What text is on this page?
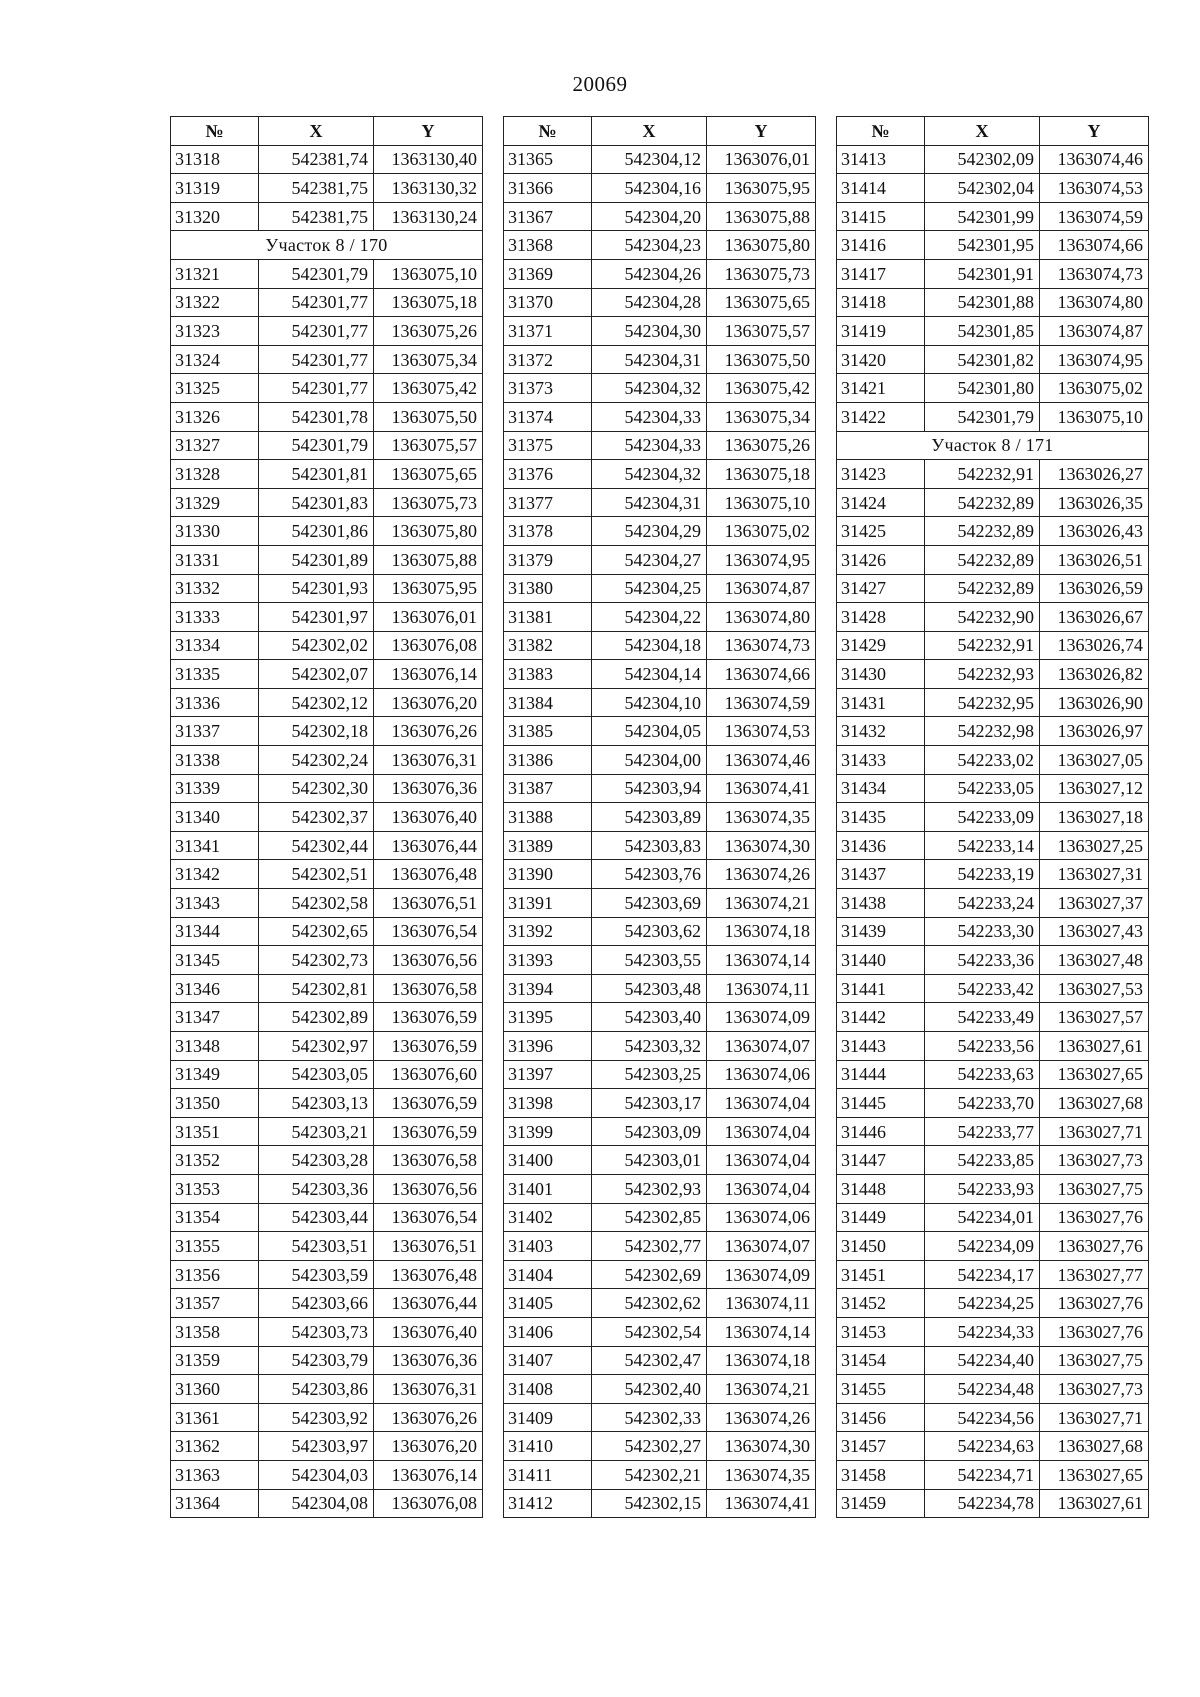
20069
№	X	Y
31318	542381,74	1363130,40
31319	542381,75	1363130,32
31320	542381,75	1363130,24
Участок 8 / 170		
31321	542301,79	1363075,10
31322	542301,77	1363075,18
31323	542301,77	1363075,26
31324	542301,77	1363075,34
31325	542301,77	1363075,42
31326	542301,78	1363075,50
31327	542301,79	1363075,57
31328	542301,81	1363075,65
31329	542301,83	1363075,73
31330	542301,86	1363075,80
31331	542301,89	1363075,88
31332	542301,93	1363075,95
31333	542301,97	1363076,01
31334	542302,02	1363076,08
31335	542302,07	1363076,14
31336	542302,12	1363076,20
31337	542302,18	1363076,26
31338	542302,24	1363076,31
31339	542302,30	1363076,36
31340	542302,37	1363076,40
31341	542302,44	1363076,44
31342	542302,51	1363076,48
31343	542302,58	1363076,51
31344	542302,65	1363076,54
31345	542302,73	1363076,56
31346	542302,81	1363076,58
31347	542302,89	1363076,59
31348	542302,97	1363076,59
31349	542303,05	1363076,60
31350	542303,13	1363076,59
31351	542303,21	1363076,59
31352	542303,28	1363076,58
31353	542303,36	1363076,56
31354	542303,44	1363076,54
31355	542303,51	1363076,51
31356	542303,59	1363076,48
31357	542303,66	1363076,44
31358	542303,73	1363076,40
31359	542303,79	1363076,36
31360	542303,86	1363076,31
31361	542303,92	1363076,26
31362	542303,97	1363076,20
31363	542304,03	1363076,14
31364	542304,08	1363076,08
№	X	Y
31365	542304,12	1363076,01
31366	542304,16	1363075,95
31367	542304,20	1363075,88
31368	542304,23	1363075,80
31369	542304,26	1363075,73
31370	542304,28	1363075,65
31371	542304,30	1363075,57
31372	542304,31	1363075,50
31373	542304,32	1363075,42
31374	542304,33	1363075,34
31375	542304,33	1363075,26
31376	542304,32	1363075,18
31377	542304,31	1363075,10
31378	542304,29	1363075,02
31379	542304,27	1363074,95
31380	542304,25	1363074,87
31381	542304,22	1363074,80
31382	542304,18	1363074,73
31383	542304,14	1363074,66
31384	542304,10	1363074,59
31385	542304,05	1363074,53
31386	542304,00	1363074,46
31387	542303,94	1363074,41
31388	542303,89	1363074,35
31389	542303,83	1363074,30
31390	542303,76	1363074,26
31391	542303,69	1363074,21
31392	542303,62	1363074,18
31393	542303,55	1363074,14
31394	542303,48	1363074,11
31395	542303,40	1363074,09
31396	542303,32	1363074,07
31397	542303,25	1363074,06
31398	542303,17	1363074,04
31399	542303,09	1363074,04
31400	542303,01	1363074,04
31401	542302,93	1363074,04
31402	542302,85	1363074,06
31403	542302,77	1363074,07
31404	542302,69	1363074,09
31405	542302,62	1363074,11
31406	542302,54	1363074,14
31407	542302,47	1363074,18
31408	542302,40	1363074,21
31409	542302,33	1363074,26
31410	542302,27	1363074,30
31411	542302,21	1363074,35
31412	542302,15	1363074,41
№	X	Y
31413	542302,09	1363074,46
31414	542302,04	1363074,53
31415	542301,99	1363074,59
31416	542301,95	1363074,66
31417	542301,91	1363074,73
31418	542301,88	1363074,80
31419	542301,85	1363074,87
31420	542301,82	1363074,95
31421	542301,80	1363075,02
31422	542301,79	1363075,10
Участок 8 / 171		
31423	542232,91	1363026,27
31424	542232,89	1363026,35
31425	542232,89	1363026,43
31426	542232,89	1363026,51
31427	542232,89	1363026,59
31428	542232,90	1363026,67
31429	542232,91	1363026,74
31430	542232,93	1363026,82
31431	542232,95	1363026,90
31432	542232,98	1363026,97
31433	542233,02	1363027,05
31434	542233,05	1363027,12
31435	542233,09	1363027,18
31436	542233,14	1363027,25
31437	542233,19	1363027,31
31438	542233,24	1363027,37
31439	542233,30	1363027,43
31440	542233,36	1363027,48
31441	542233,42	1363027,53
31442	542233,49	1363027,57
31443	542233,56	1363027,61
31444	542233,63	1363027,65
31445	542233,70	1363027,68
31446	542233,77	1363027,71
31447	542233,85	1363027,73
31448	542233,93	1363027,75
31449	542234,01	1363027,76
31450	542234,09	1363027,76
31451	542234,17	1363027,77
31452	542234,25	1363027,76
31453	542234,33	1363027,76
31454	542234,40	1363027,75
31455	542234,48	1363027,73
31456	542234,56	1363027,71
31457	542234,63	1363027,68
31458	542234,71	1363027,65
31459	542234,78	1363027,61
